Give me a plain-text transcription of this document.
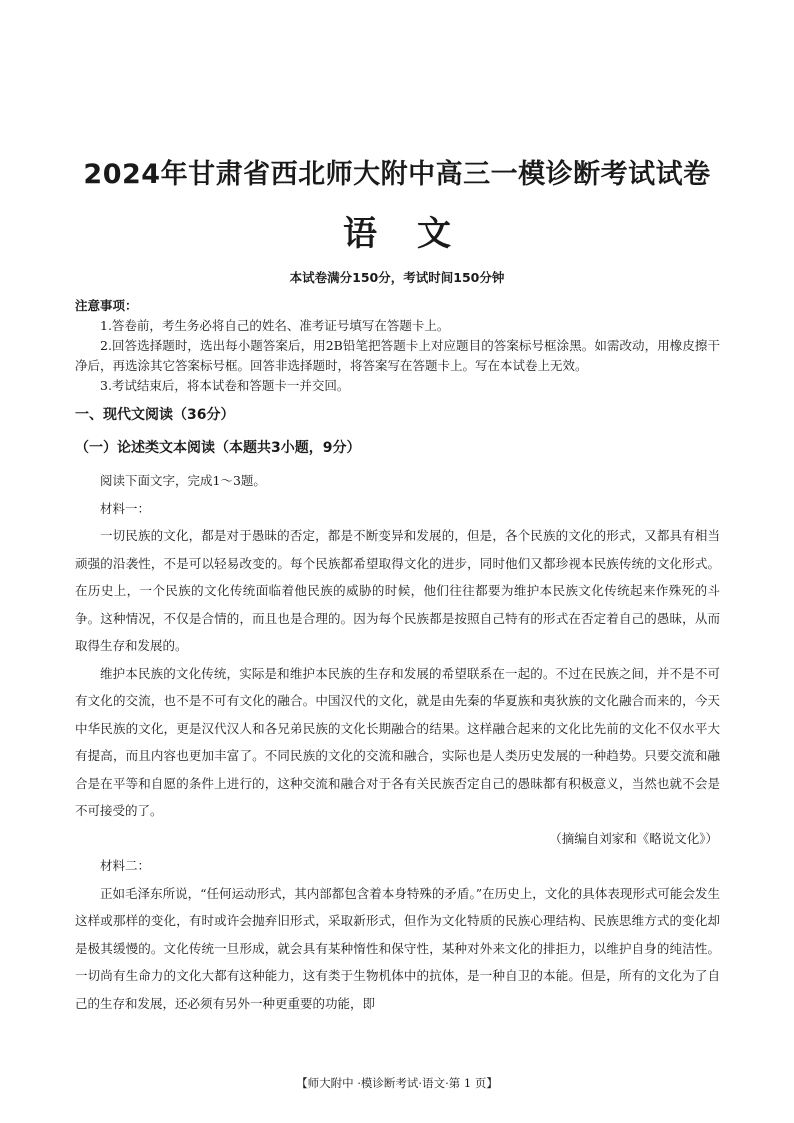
2024年甘肃省西北师大附中高三一模诊断考试试卷
语文
本试卷满分150分，考试时间150分钟
注意事项：
1.答卷前，考生务必将自己的姓名、准考证号填写在答题卡上。
2.回答选择题时，选出每小题答案后，用2B铅笔把答题卡上对应题目的答案标号框涂黑。如需改动，用橡皮擦干净后，再选涂其它答案标号框。回答非选择题时，将答案写在答题卡上。写在本试卷上无效。
3.考试结束后，将本试卷和答题卡一并交回。
一、现代文阅读（36分）
（一）论述类文本阅读（本题共3小题，9分）

阅读下面文字，完成1～3题。

材料一：

一切民族的文化，都是对于愚昧的否定，都是不断变异和发展的，但是，各个民族的文化的形式，又都具有相当顽强的沿袭性，不是可以轻易改变的。每个民族都希望取得文化的进步，同时他们又都珍视本民族传统的文化形式。在历史上，一个民族的文化传统面临着他民族的威胁的时候，他们往往都要为维护本民族文化传统起来作殊死的斗争。这种情况，不仅是合情的，而且也是合理的。因为每个民族都是按照自己特有的形式在否定着自己的愚昧，从而取得生存和发展的。

维护本民族的文化传统，实际是和维护本民族的生存和发展的希望联系在一起的。不过在民族之间，并不是不可有文化的交流，也不是不可有文化的融合。中国汉代的文化，就是由先秦的华夏族和夷狄族的文化融合而来的，今天中华民族的文化，更是汉代汉人和各兄弟民族的文化长期融合的结果。这样融合起来的文化比先前的文化不仅水平大有提高，而且内容也更加丰富了。不同民族的文化的交流和融合，实际也是人类历史发展的一种趋势。只要交流和融合是在平等和自愿的条件上进行的，这种交流和融合对于各有关民族否定自己的愚昧都有积极意义，当然也就不会是不可接受的了。

（摘编自刘家和《略说文化》）

材料二：

正如毛泽东所说，“任何运动形式，其内部都包含着本身特殊的矛盾。”在历史上，文化的具体表现形式可能会发生这样或那样的变化，有时或许会抛弃旧形式，采取新形式，但作为文化特质的民族心理结构、民族思维方式的变化却是极其缓慢的。文化传统一旦形成，就会具有某种惰性和保守性，某种对外来文化的排拒力，以维护自身的纯洁性。一切尚有生命力的文化大都有这种能力，这有类于生物机体中的抗体，是一种自卫的本能。但是，所有的文化为了自己的生存和发展，还必须有另外一种更重要的功能，即

【师大附中 ·模诊断考试·语文·第 1 页】
